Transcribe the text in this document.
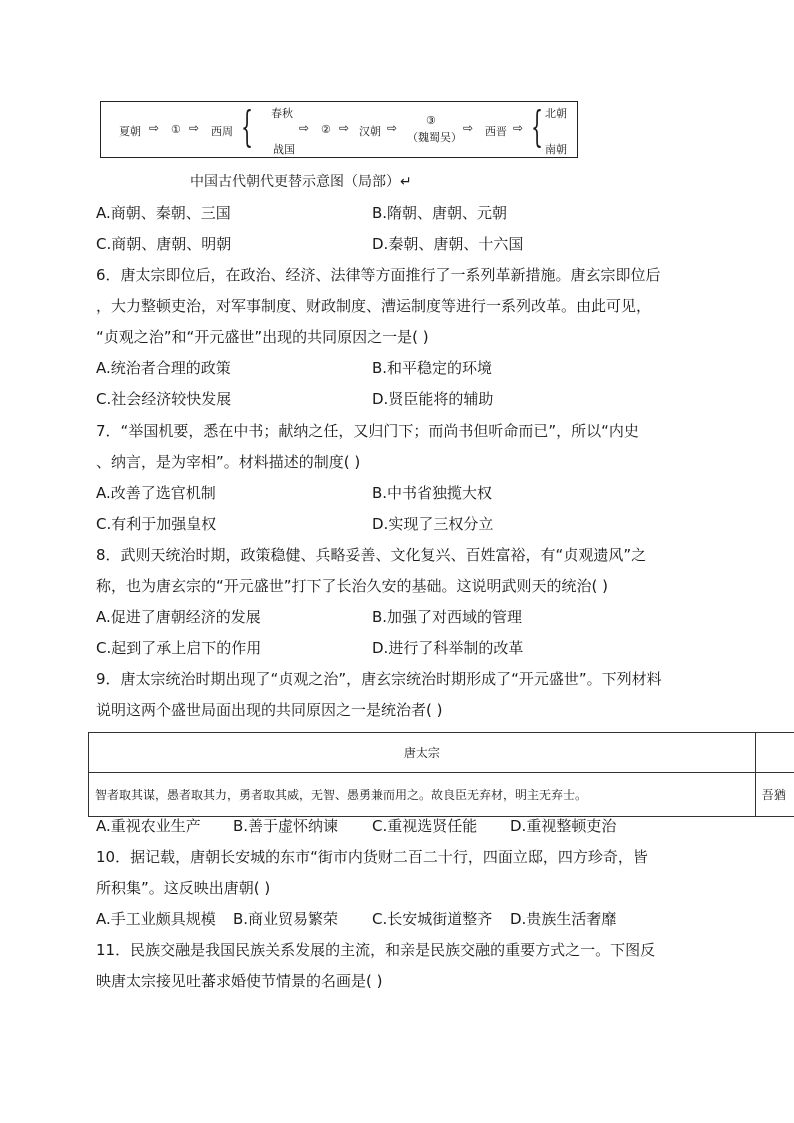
夏朝 ⇨ ① ⇨ 西周 { 春秋
战国
⇨ ② ⇨ 汉朝 ⇨
③
（魏蜀吴）
⇨ 西晋 ⇨ { 北朝
南朝
中国古代朝代更替示意图（局部）↵
A.商朝、秦朝、三国	B.隋朝、唐朝、元朝
C.商朝、唐朝、明朝	D.秦朝、唐朝、十六国
6．唐太宗即位后，在政治、经济、法律等方面推行了一系列革新措施。唐玄宗即位后
，大力整顿吏治，对军事制度、财政制度、漕运制度等进行一系列改革。由此可见，
“贞观之治”和“开元盛世”出现的共同原因之一是( )
A.统治者合理的政策	B.和平稳定的环境
C.社会经济较快发展	D.贤臣能将的辅助
7．“举国机要，悉在中书；献纳之任，又归门下；而尚书但听命而已”，所以“内史
、纳言，是为宰相”。材料描述的制度( )
A.改善了选官机制	B.中书省独揽大权
C.有利于加强皇权	D.实现了三权分立
8．武则天统治时期，政策稳健、兵略妥善、文化复兴、百姓富裕，有“贞观遗风”之
称，也为唐玄宗的“开元盛世”打下了长治久安的基础。这说明武则天的统治( )
A.促进了唐朝经济的发展	B.加强了对西域的管理
C.起到了承上启下的作用	D.进行了科举制的改革
9．唐太宗统治时期出现了“贞观之治”，唐玄宗统治时期形成了“开元盛世”。下列材料
说明这两个盛世局面出现的共同原因之一是统治者( )
唐太宗	
智者取其谋，愚者取其力，勇者取其威，无智、愚勇兼而用之。故良臣无弃材，明主无弃士。	吾猶
A.重视农业生产 B.善于虚怀纳谏 C.重视选贤任能 D.重视整顿吏治
10．据记载，唐朝长安城的东市“街市内货财二百二十行，四面立邸，四方珍奇，皆
所积集”。这反映出唐朝( )
A.手工业颇具规模 B.商业贸易繁荣 C.长安城街道整齐 D.贵族生活奢靡
11．民族交融是我国民族关系发展的主流，和亲是民族交融的重要方式之一。下图反
映唐太宗接见吐蕃求婚使节情景的名画是( )
